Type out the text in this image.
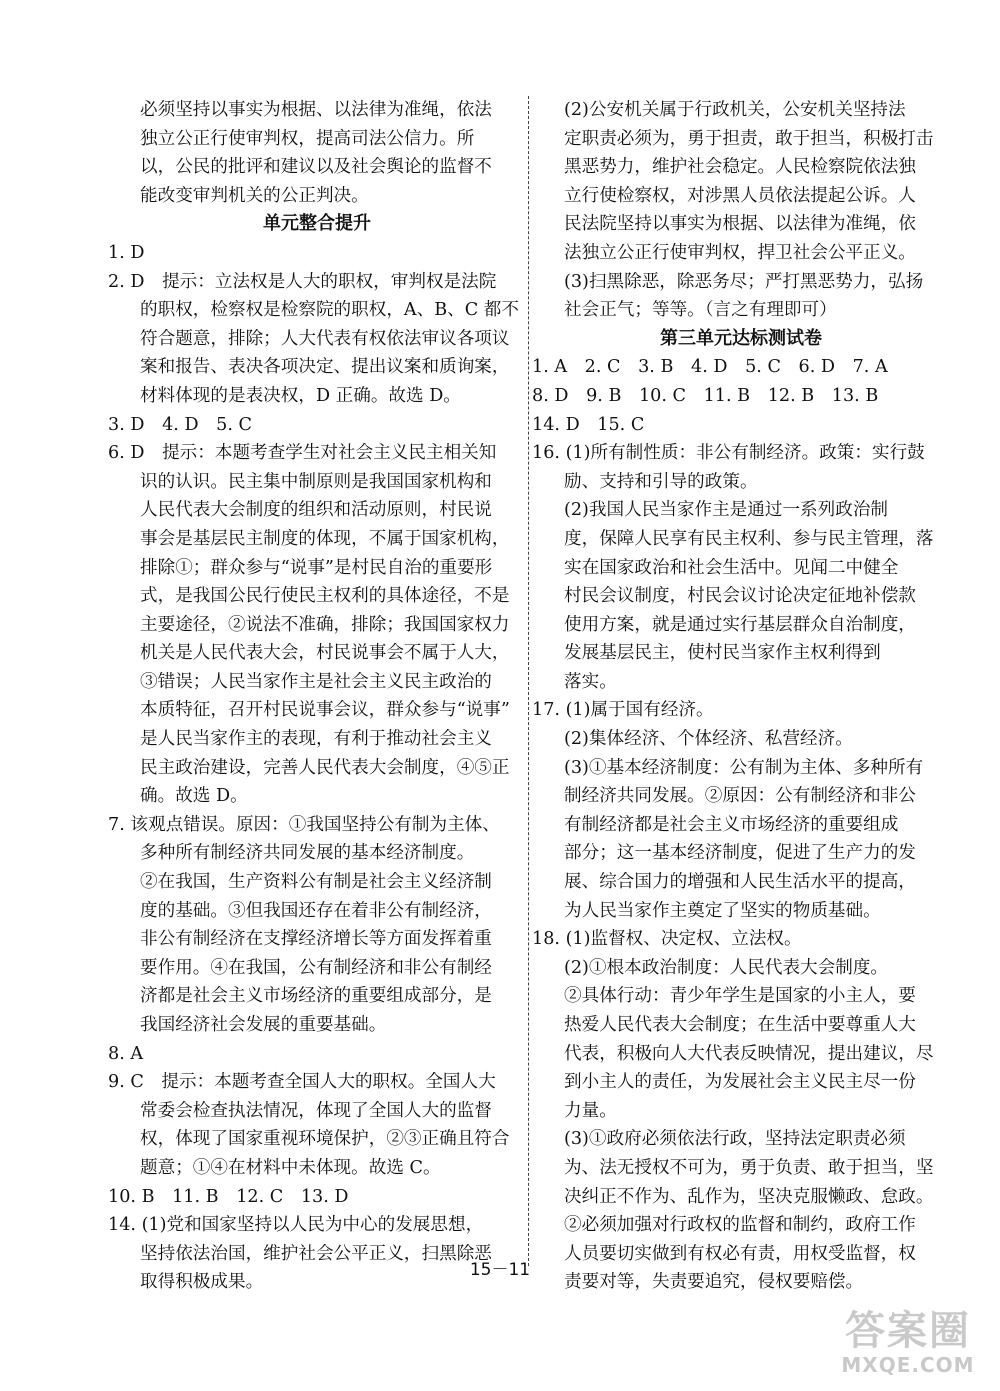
必须坚持以事实为根据、以法律为准绳，依法
独立公正行使审判权，提高司法公信力。所
以，公民的批评和建议以及社会舆论的监督不
能改变审判机关的公正判决。
单元整合提升
1. D
2. D　提示：立法权是人大的职权，审判权是法院
的职权，检察权是检察院的职权，A、B、C 都不
符合题意，排除；人大代表有权依法审议各项议
案和报告、表决各项决定、提出议案和质询案，
材料体现的是表决权，D 正确。故选 D。
3. D　4. D　5. C
6. D　提示：本题考查学生对社会主义民主相关知
识的认识。民主集中制原则是我国国家机构和
人民代表大会制度的组织和活动原则，村民说
事会是基层民主制度的体现，不属于国家机构，
排除①；群众参与“说事”是村民自治的重要形
式，是我国公民行使民主权利的具体途径，不是
主要途径，②说法不准确，排除；我国国家权力
机关是人民代表大会，村民说事会不属于人大，
③错误；人民当家作主是社会主义民主政治的
本质特征，召开村民说事会议，群众参与“说事”
是人民当家作主的表现，有利于推动社会主义
民主政治建设，完善人民代表大会制度，④⑤正
确。故选 D。
7. 该观点错误。原因：①我国坚持公有制为主体、
多种所有制经济共同发展的基本经济制度。
②在我国，生产资料公有制是社会主义经济制
度的基础。③但我国还存在着非公有制经济，
非公有制经济在支撑经济增长等方面发挥着重
要作用。④在我国，公有制经济和非公有制经
济都是社会主义市场经济的重要组成部分，是
我国经济社会发展的重要基础。
8. A
9. C　提示：本题考查全国人大的职权。全国人大
常委会检查执法情况，体现了全国人大的监督
权，体现了国家重视环境保护，②③正确且符合
题意；①④在材料中未体现。故选 C。
10. B　11. B　12. C　13. D
14. (1)党和国家坚持以人民为中心的发展思想，
坚持依法治国，维护社会公平正义，扫黑除恶
取得积极成果。
(2)公安机关属于行政机关，公安机关坚持法
定职责必须为，勇于担责，敢于担当，积极打击
黑恶势力，维护社会稳定。人民检察院依法独
立行使检察权，对涉黑人员依法提起公诉。人
民法院坚持以事实为根据、以法律为准绳，依
法独立公正行使审判权，捍卫社会公平正义。
(3)扫黑除恶，除恶务尽；严打黑恶势力，弘扬
社会正气；等等。（言之有理即可）
第三单元达标测试卷
1. A　2. C　3. B　4. D　5. C　6. D　7. A
8. D　9. B　10. C　11. B　12. B　13. B
14. D　15. C
16. (1)所有制性质：非公有制经济。政策：实行鼓
励、支持和引导的政策。
(2)我国人民当家作主是通过一系列政治制
度，保障人民享有民主权利、参与民主管理，落
实在国家政治和社会生活中。见闻二中健全
村民会议制度，村民会议讨论决定征地补偿款
使用方案，就是通过实行基层群众自治制度，
发展基层民主，使村民当家作主权利得到
落实。
17. (1)属于国有经济。
(2)集体经济、个体经济、私营经济。
(3)①基本经济制度：公有制为主体、多种所有
制经济共同发展。②原因：公有制经济和非公
有制经济都是社会主义市场经济的重要组成
部分；这一基本经济制度，促进了生产力的发
展、综合国力的增强和人民生活水平的提高，
为人民当家作主奠定了坚实的物质基础。
18. (1)监督权、决定权、立法权。
(2)①根本政治制度：人民代表大会制度。
②具体行动：青少年学生是国家的小主人，要
热爱人民代表大会制度；在生活中要尊重人大
代表，积极向人大代表反映情况，提出建议，尽
到小主人的责任，为发展社会主义民主尽一份
力量。
(3)①政府必须依法行政，坚持法定职责必须
为、法无授权不可为，勇于负责、敢于担当，坚
决纠正不作为、乱作为，坚决克服懒政、怠政。
②必须加强对行政权的监督和制约，政府工作
人员要切实做到有权必有责，用权受监督，权
责要对等，失责要追究，侵权要赔偿。
15－11
答案圈
MXQE.COM
